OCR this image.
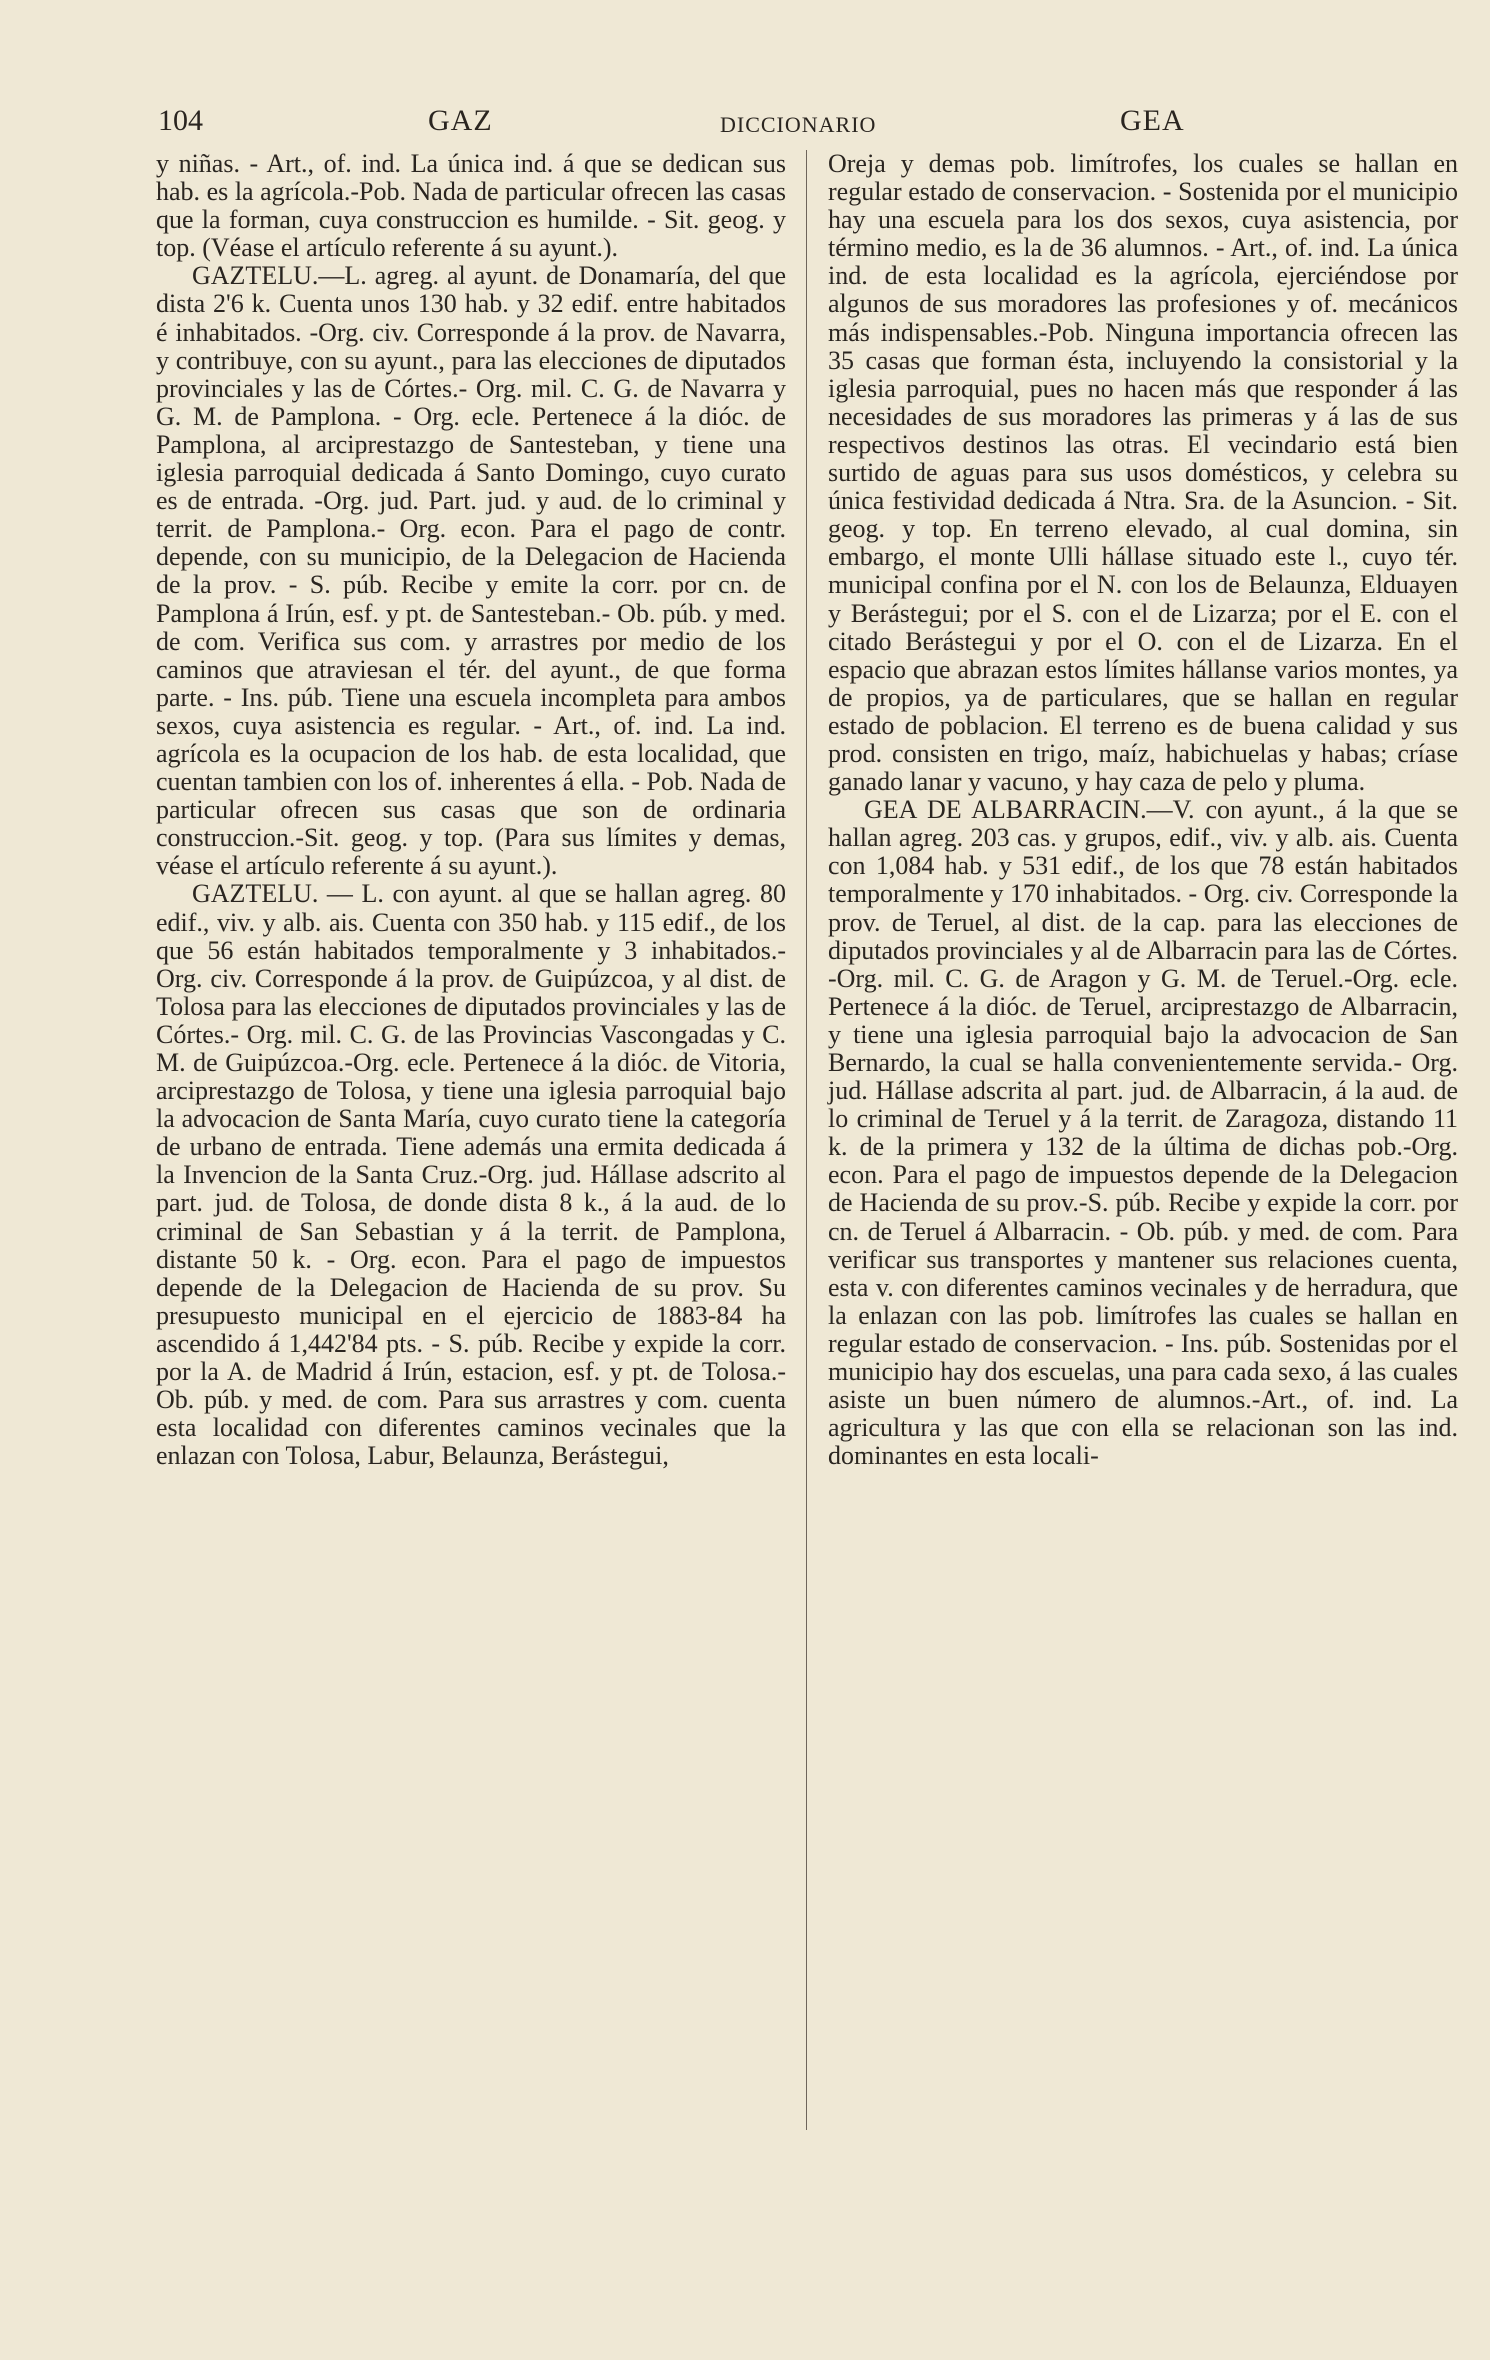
104	GAZ	DICCIONARIO	GEA

y niñas. - Art., of. ind. La única ind. á que se dedican sus hab. es la agrícola.-Pob. Nada de particular ofrecen las casas que la forman, cuya construccion es humilde. - Sit. geog. y top. (Véase el artículo referente á su ayunt.).

GAZTELU.—L. agreg. al ayunt. de Donamaría, del que dista 2'6 k. Cuenta unos 130 hab. y 32 edif. entre habitados é inhabitados. -Org. civ. Corresponde á la prov. de Navarra, y contribuye, con su ayunt., para las elecciones de diputados provinciales y las de Córtes.- Org. mil. C. G. de Navarra y G. M. de Pamplona. - Org. ecle. Pertenece á la dióc. de Pamplona, al arciprestazgo de Santesteban, y tiene una iglesia parroquial dedicada á Santo Domingo, cuyo curato es de entrada. -Org. jud. Part. jud. y aud. de lo criminal y territ. de Pamplona.- Org. econ. Para el pago de contr. depende, con su municipio, de la Delegacion de Hacienda de la prov. - S. púb. Recibe y emite la corr. por cn. de Pamplona á Irún, esf. y pt. de Santesteban.- Ob. púb. y med. de com. Verifica sus com. y arrastres por medio de los caminos que atraviesan el tér. del ayunt., de que forma parte. - Ins. púb. Tiene una escuela incompleta para ambos sexos, cuya asistencia es regular. - Art., of. ind. La ind. agrícola es la ocupacion de los hab. de esta localidad, que cuentan tambien con los of. inherentes á ella. - Pob. Nada de particular ofrecen sus casas que son de ordinaria construccion.-Sit. geog. y top. (Para sus límites y demas, véase el artículo referente á su ayunt.).

GAZTELU. — L. con ayunt. al que se hallan agreg. 80 edif., viv. y alb. ais. Cuenta con 350 hab. y 115 edif., de los que 56 están habitados temporalmente y 3 inhabitados.- Org. civ. Corresponde á la prov. de Guipúzcoa, y al dist. de Tolosa para las elecciones de diputados provinciales y las de Córtes.- Org. mil. C. G. de las Provincias Vascongadas y C. M. de Guipúzcoa.-Org. ecle. Pertenece á la dióc. de Vitoria, arciprestazgo de Tolosa, y tiene una iglesia parroquial bajo la advocacion de Santa María, cuyo curato tiene la categoría de urbano de entrada. Tiene además una ermita dedicada á la Invencion de la Santa Cruz.-Org. jud. Hállase adscrito al part. jud. de Tolosa, de donde dista 8 k., á la aud. de lo criminal de San Sebastian y á la territ. de Pamplona, distante 50 k. - Org. econ. Para el pago de impuestos depende de la Delegacion de Hacienda de su prov. Su presupuesto municipal en el ejercicio de 1883-84 ha ascendido á 1,442'84 pts. - S. púb. Recibe y expide la corr. por la A. de Madrid á Irún, estacion, esf. y pt. de Tolosa.-Ob. púb. y med. de com. Para sus arrastres y com. cuenta esta localidad con diferentes caminos vecinales que la enlazan con Tolosa, Labur, Belaunza, Berástegui,

Oreja y demas pob. limítrofes, los cuales se hallan en regular estado de conservacion. - Sostenida por el municipio hay una escuela para los dos sexos, cuya asistencia, por término medio, es la de 36 alumnos. - Art., of. ind. La única ind. de esta localidad es la agrícola, ejerciéndose por algunos de sus moradores las profesiones y of. mecánicos más indispensables.-Pob. Ninguna importancia ofrecen las 35 casas que forman ésta, incluyendo la consistorial y la iglesia parroquial, pues no hacen más que responder á las necesidades de sus moradores las primeras y á las de sus respectivos destinos las otras. El vecindario está bien surtido de aguas para sus usos domésticos, y celebra su única festividad dedicada á Ntra. Sra. de la Asuncion. - Sit. geog. y top. En terreno elevado, al cual domina, sin embargo, el monte Ulli hállase situado este l., cuyo tér. municipal confina por el N. con los de Belaunza, Elduayen y Berástegui; por el S. con el de Lizarza; por el E. con el citado Berástegui y por el O. con el de Lizarza. En el espacio que abrazan estos límites hállanse varios montes, ya de propios, ya de particulares, que se hallan en regular estado de poblacion. El terreno es de buena calidad y sus prod. consisten en trigo, maíz, habichuelas y habas; críase ganado lanar y vacuno, y hay caza de pelo y pluma.

GEA DE ALBARRACIN.—V. con ayunt., á la que se hallan agreg. 203 cas. y grupos, edif., viv. y alb. ais. Cuenta con 1,084 hab. y 531 edif., de los que 78 están habitados temporalmente y 170 inhabitados. - Org. civ. Corresponde la prov. de Teruel, al dist. de la cap. para las elecciones de diputados provinciales y al de Albarracin para las de Córtes. -Org. mil. C. G. de Aragon y G. M. de Teruel.-Org. ecle. Pertenece á la dióc. de Teruel, arciprestazgo de Albarracin, y tiene una iglesia parroquial bajo la advocacion de San Bernardo, la cual se halla convenientemente servida.- Org. jud. Hállase adscrita al part. jud. de Albarracin, á la aud. de lo criminal de Teruel y á la territ. de Zaragoza, distando 11 k. de la primera y 132 de la última de dichas pob.-Org. econ. Para el pago de impuestos depende de la Delegacion de Hacienda de su prov.-S. púb. Recibe y expide la corr. por cn. de Teruel á Albarracin. - Ob. púb. y med. de com. Para verificar sus transportes y mantener sus relaciones cuenta, esta v. con diferentes caminos vecinales y de herradura, que la enlazan con las pob. limítrofes las cuales se hallan en regular estado de conservacion. - Ins. púb. Sostenidas por el municipio hay dos escuelas, una para cada sexo, á las cuales asiste un buen número de alumnos.-Art., of. ind. La agricultura y las que con ella se relacionan son las ind. dominantes en esta locali-
